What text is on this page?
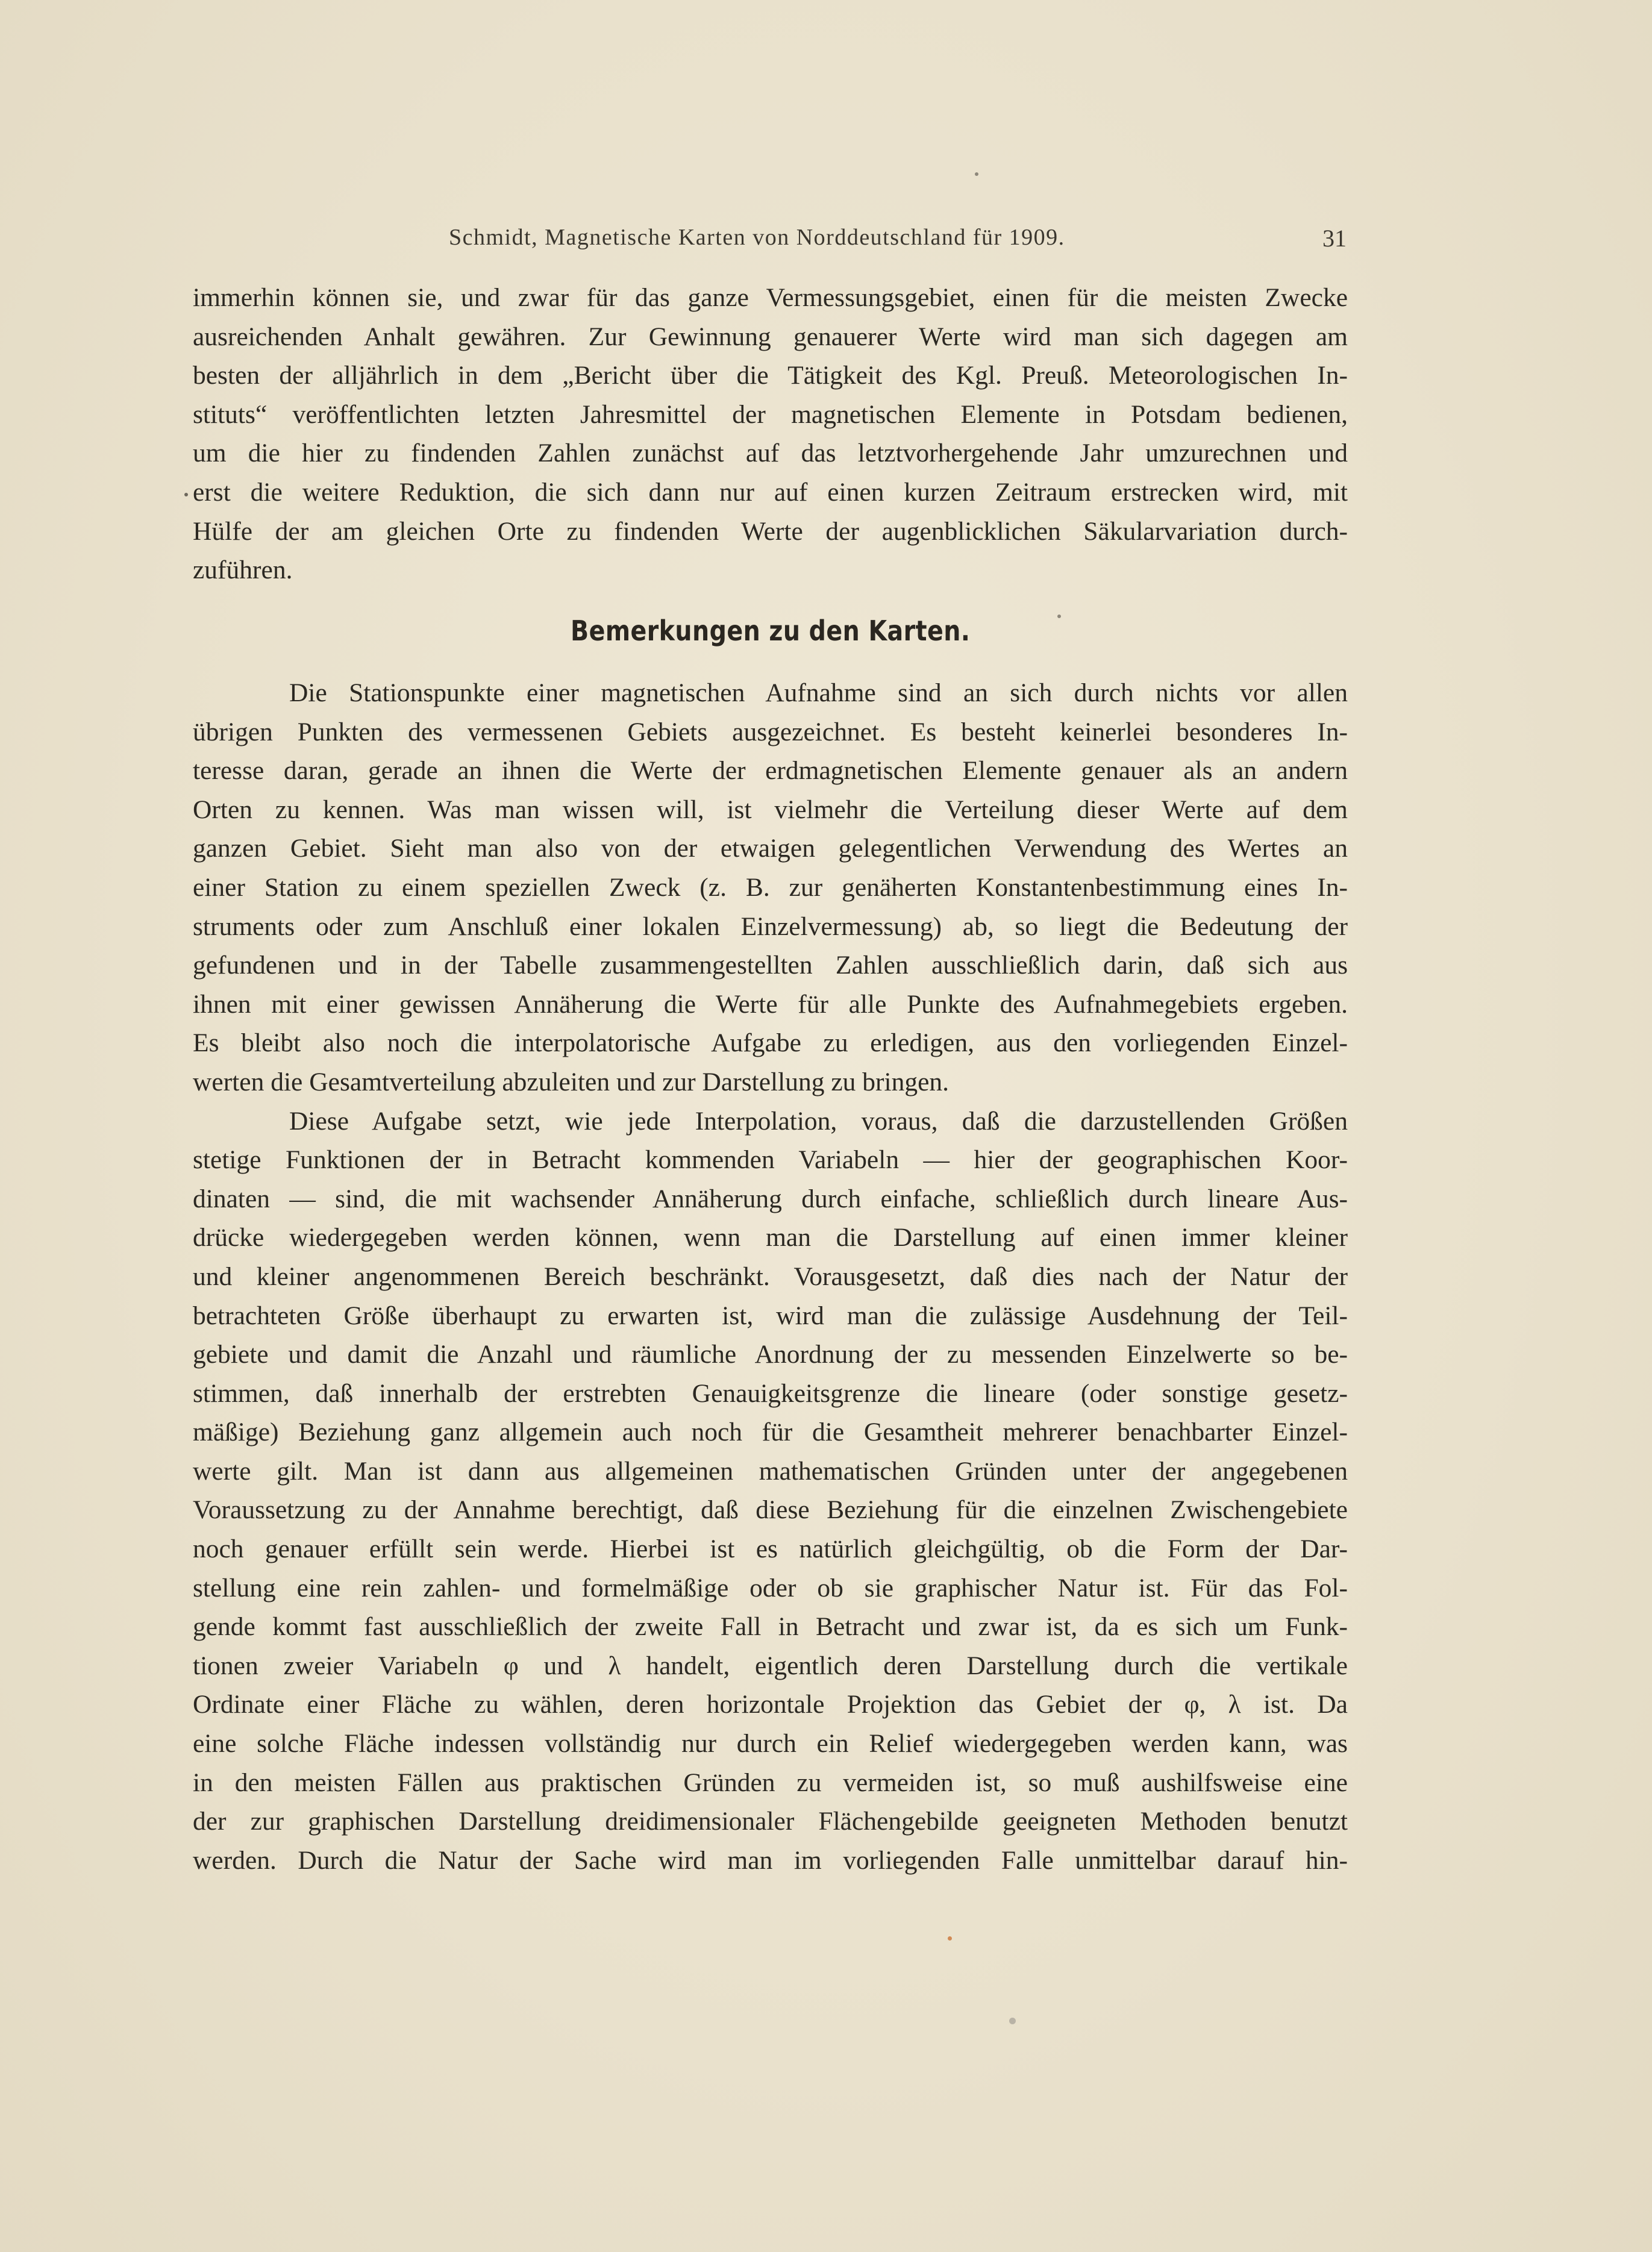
Schmidt, Magnetische Karten von Norddeutschland für 1909.	31
immerhin können sie, und zwar für das ganze Vermessungsgebiet, einen für die meisten Zwecke
ausreichenden Anhalt gewähren. Zur Gewinnung genauerer Werte wird man sich dagegen am
besten der alljährlich in dem „Bericht über die Tätigkeit des Kgl. Preuß. Meteorologischen In-
stituts“ veröffentlichten letzten Jahresmittel der magnetischen Elemente in Potsdam bedienen,
um die hier zu findenden Zahlen zunächst auf das letztvorhergehende Jahr umzurechnen und
erst die weitere Reduktion, die sich dann nur auf einen kurzen Zeitraum erstrecken wird, mit
Hülfe der am gleichen Orte zu findenden Werte der augenblicklichen Säkularvariation durch-
zuführen.
Bemerkungen zu den Karten.
Die Stationspunkte einer magnetischen Aufnahme sind an sich durch nichts vor allen
übrigen Punkten des vermessenen Gebiets ausgezeichnet. Es besteht keinerlei besonderes In-
teresse daran, gerade an ihnen die Werte der erdmagnetischen Elemente genauer als an andern
Orten zu kennen. Was man wissen will, ist vielmehr die Verteilung dieser Werte auf dem
ganzen Gebiet. Sieht man also von der etwaigen gelegentlichen Verwendung des Wertes an
einer Station zu einem speziellen Zweck (z. B. zur genäherten Konstantenbestimmung eines In-
struments oder zum Anschluß einer lokalen Einzelvermessung) ab, so liegt die Bedeutung der
gefundenen und in der Tabelle zusammengestellten Zahlen ausschließlich darin, daß sich aus
ihnen mit einer gewissen Annäherung die Werte für alle Punkte des Aufnahmegebiets ergeben.
Es bleibt also noch die interpolatorische Aufgabe zu erledigen, aus den vorliegenden Einzel-
werten die Gesamtverteilung abzuleiten und zur Darstellung zu bringen.
Diese Aufgabe setzt, wie jede Interpolation, voraus, daß die darzustellenden Größen
stetige Funktionen der in Betracht kommenden Variabeln — hier der geographischen Koor-
dinaten — sind, die mit wachsender Annäherung durch einfache, schließlich durch lineare Aus-
drücke wiedergegeben werden können, wenn man die Darstellung auf einen immer kleiner
und kleiner angenommenen Bereich beschränkt. Vorausgesetzt, daß dies nach der Natur der
betrachteten Größe überhaupt zu erwarten ist, wird man die zulässige Ausdehnung der Teil-
gebiete und damit die Anzahl und räumliche Anordnung der zu messenden Einzelwerte so be-
stimmen, daß innerhalb der erstrebten Genauigkeitsgrenze die lineare (oder sonstige gesetz-
mäßige) Beziehung ganz allgemein auch noch für die Gesamtheit mehrerer benachbarter Einzel-
werte gilt. Man ist dann aus allgemeinen mathematischen Gründen unter der angegebenen
Voraussetzung zu der Annahme berechtigt, daß diese Beziehung für die einzelnen Zwischengebiete
noch genauer erfüllt sein werde. Hierbei ist es natürlich gleichgültig, ob die Form der Dar-
stellung eine rein zahlen- und formelmäßige oder ob sie graphischer Natur ist. Für das Fol-
gende kommt fast ausschließlich der zweite Fall in Betracht und zwar ist, da es sich um Funk-
tionen zweier Variabeln φ und λ handelt, eigentlich deren Darstellung durch die vertikale
Ordinate einer Fläche zu wählen, deren horizontale Projektion das Gebiet der φ, λ ist. Da
eine solche Fläche indessen vollständig nur durch ein Relief wiedergegeben werden kann, was
in den meisten Fällen aus praktischen Gründen zu vermeiden ist, so muß aushilfsweise eine
der zur graphischen Darstellung dreidimensionaler Flächengebilde geeigneten Methoden benutzt
werden. Durch die Natur der Sache wird man im vorliegenden Falle unmittelbar darauf hin-
